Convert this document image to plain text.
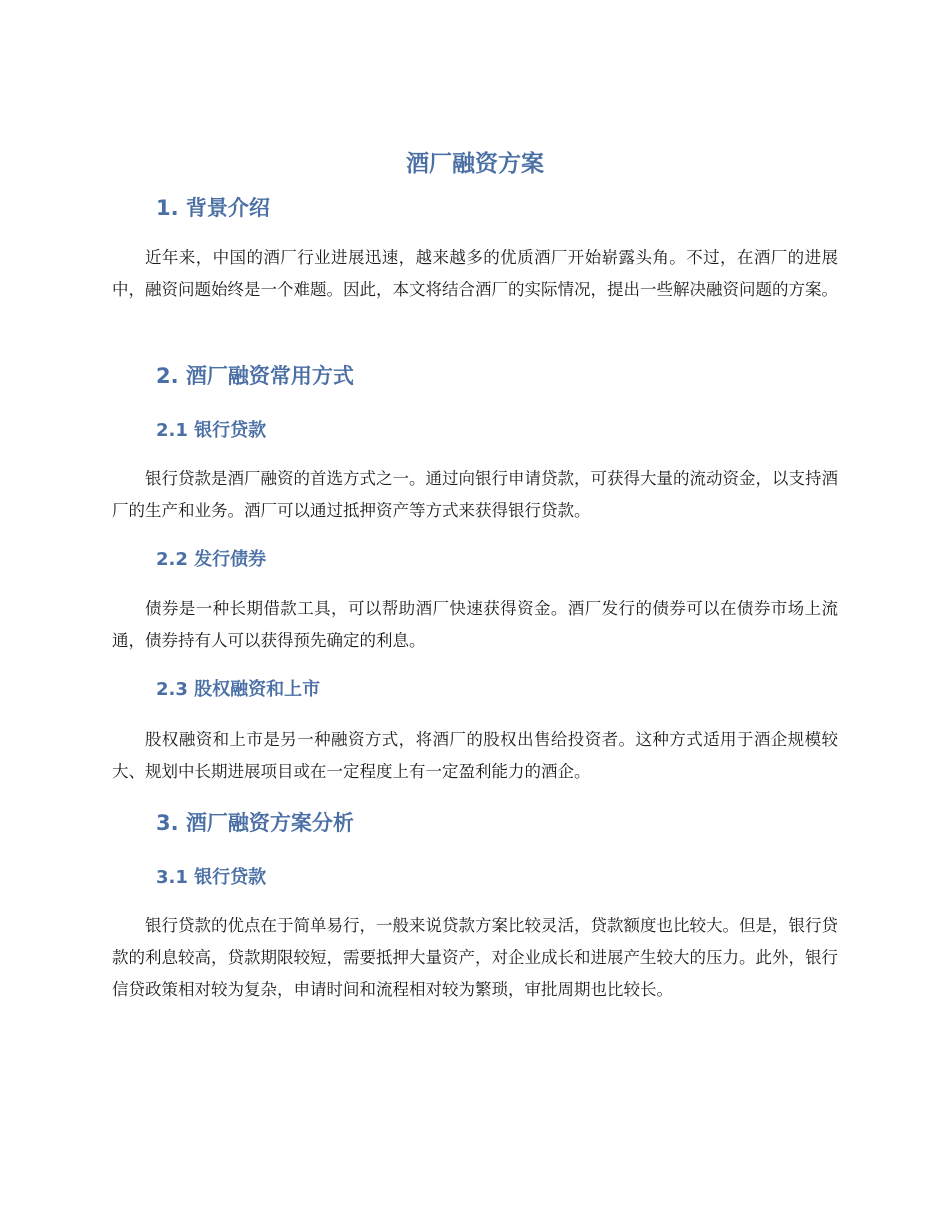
酒厂融资方案
1. 背景介绍

近年来，中国的酒厂行业进展迅速，越来越多的优质酒厂开始崭露头角。不过，在酒厂的进展中，融资问题始终是一个难题。因此，本文将结合酒厂的实际情况，提出一些解决融资问题的方案。

2. 酒厂融资常用方式
2.1 银行贷款

银行贷款是酒厂融资的首选方式之一。通过向银行申请贷款，可获得大量的流动资金，以支持酒厂的生产和业务。酒厂可以通过抵押资产等方式来获得银行贷款。

2.2 发行债券

债券是一种长期借款工具，可以帮助酒厂快速获得资金。酒厂发行的债券可以在债券市场上流通，债券持有人可以获得预先确定的利息。

2.3 股权融资和上市

股权融资和上市是另一种融资方式，将酒厂的股权出售给投资者。这种方式适用于酒企规模较大、规划中长期进展项目或在一定程度上有一定盈利能力的酒企。

3. 酒厂融资方案分析
3.1 银行贷款

银行贷款的优点在于简单易行，一般来说贷款方案比较灵活，贷款额度也比较大。但是，银行贷款的利息较高，贷款期限较短，需要抵押大量资产，对企业成长和进展产生较大的压力。此外，银行信贷政策相对较为复杂，申请时间和流程相对较为繁琐，审批周期也比较长。
